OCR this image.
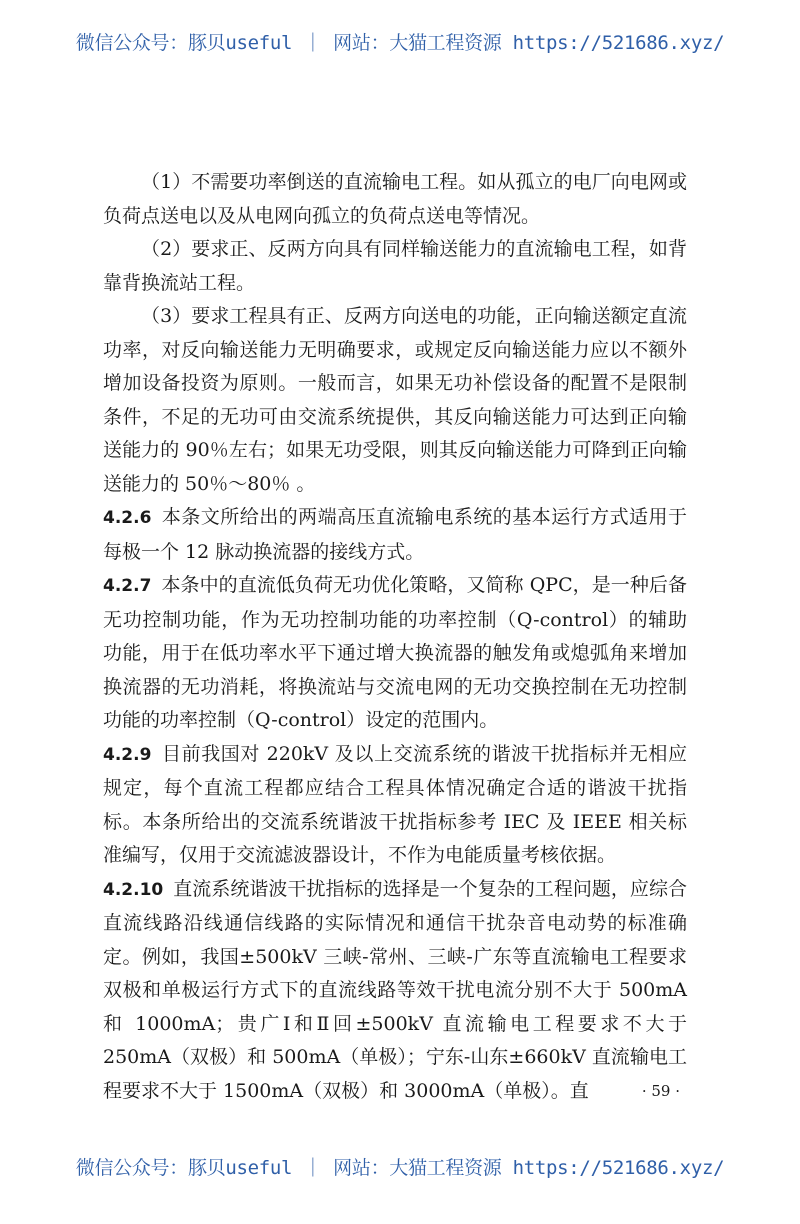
微信公众号：豚贝useful ｜ 网站：大猫工程资源 https://521686.xyz/

（1）不需要功率倒送的直流输电工程。如从孤立的电厂向电网或负荷点送电以及从电网向孤立的负荷点送电等情况。

（2）要求正、反两方向具有同样输送能力的直流输电工程，如背靠背换流站工程。

（3）要求工程具有正、反两方向送电的功能，正向输送额定直流功率，对反向输送能力无明确要求，或规定反向输送能力应以不额外增加设备投资为原则。一般而言，如果无功补偿设备的配置不是限制条件，不足的无功可由交流系统提供，其反向输送能力可达到正向输送能力的 90％左右；如果无功受限，则其反向输送能力可降到正向输送能力的 50％～80％ 。

4.2.6 本条文所给出的两端高压直流输电系统的基本运行方式适用于每极一个 12 脉动换流器的接线方式。

4.2.7 本条中的直流低负荷无功优化策略，又简称 QPC，是一种后备无功控制功能，作为无功控制功能的功率控制（Q-control）的辅助功能，用于在低功率水平下通过增大换流器的触发角或熄弧角来增加换流器的无功消耗，将换流站与交流电网的无功交换控制在无功控制功能的功率控制（Q-control）设定的范围内。

4.2.9 目前我国对 220kV 及以上交流系统的谐波干扰指标并无相应规定，每个直流工程都应结合工程具体情况确定合适的谐波干扰指标。本条所给出的交流系统谐波干扰指标参考 IEC 及 IEEE 相关标准编写，仅用于交流滤波器设计，不作为电能质量考核依据。

4.2.10 直流系统谐波干扰指标的选择是一个复杂的工程问题，应综合直流线路沿线通信线路的实际情况和通信干扰杂音电动势的标准确定。例如，我国±500kV 三峡-常州、三峡-广东等直流输电工程要求双极和单极运行方式下的直流线路等效干扰电流分别不大于 500mA 和 1000mA；贵广Ⅰ和Ⅱ回±500kV 直流输电工程要求不大于 250mA（双极）和 500mA（单极）；宁东-山东±660kV 直流输电工程要求不大于 1500mA（双极）和 3000mA（单极）。直	· 59 ·
微信公众号：豚贝useful ｜ 网站：大猫工程资源 https://521686.xyz/
